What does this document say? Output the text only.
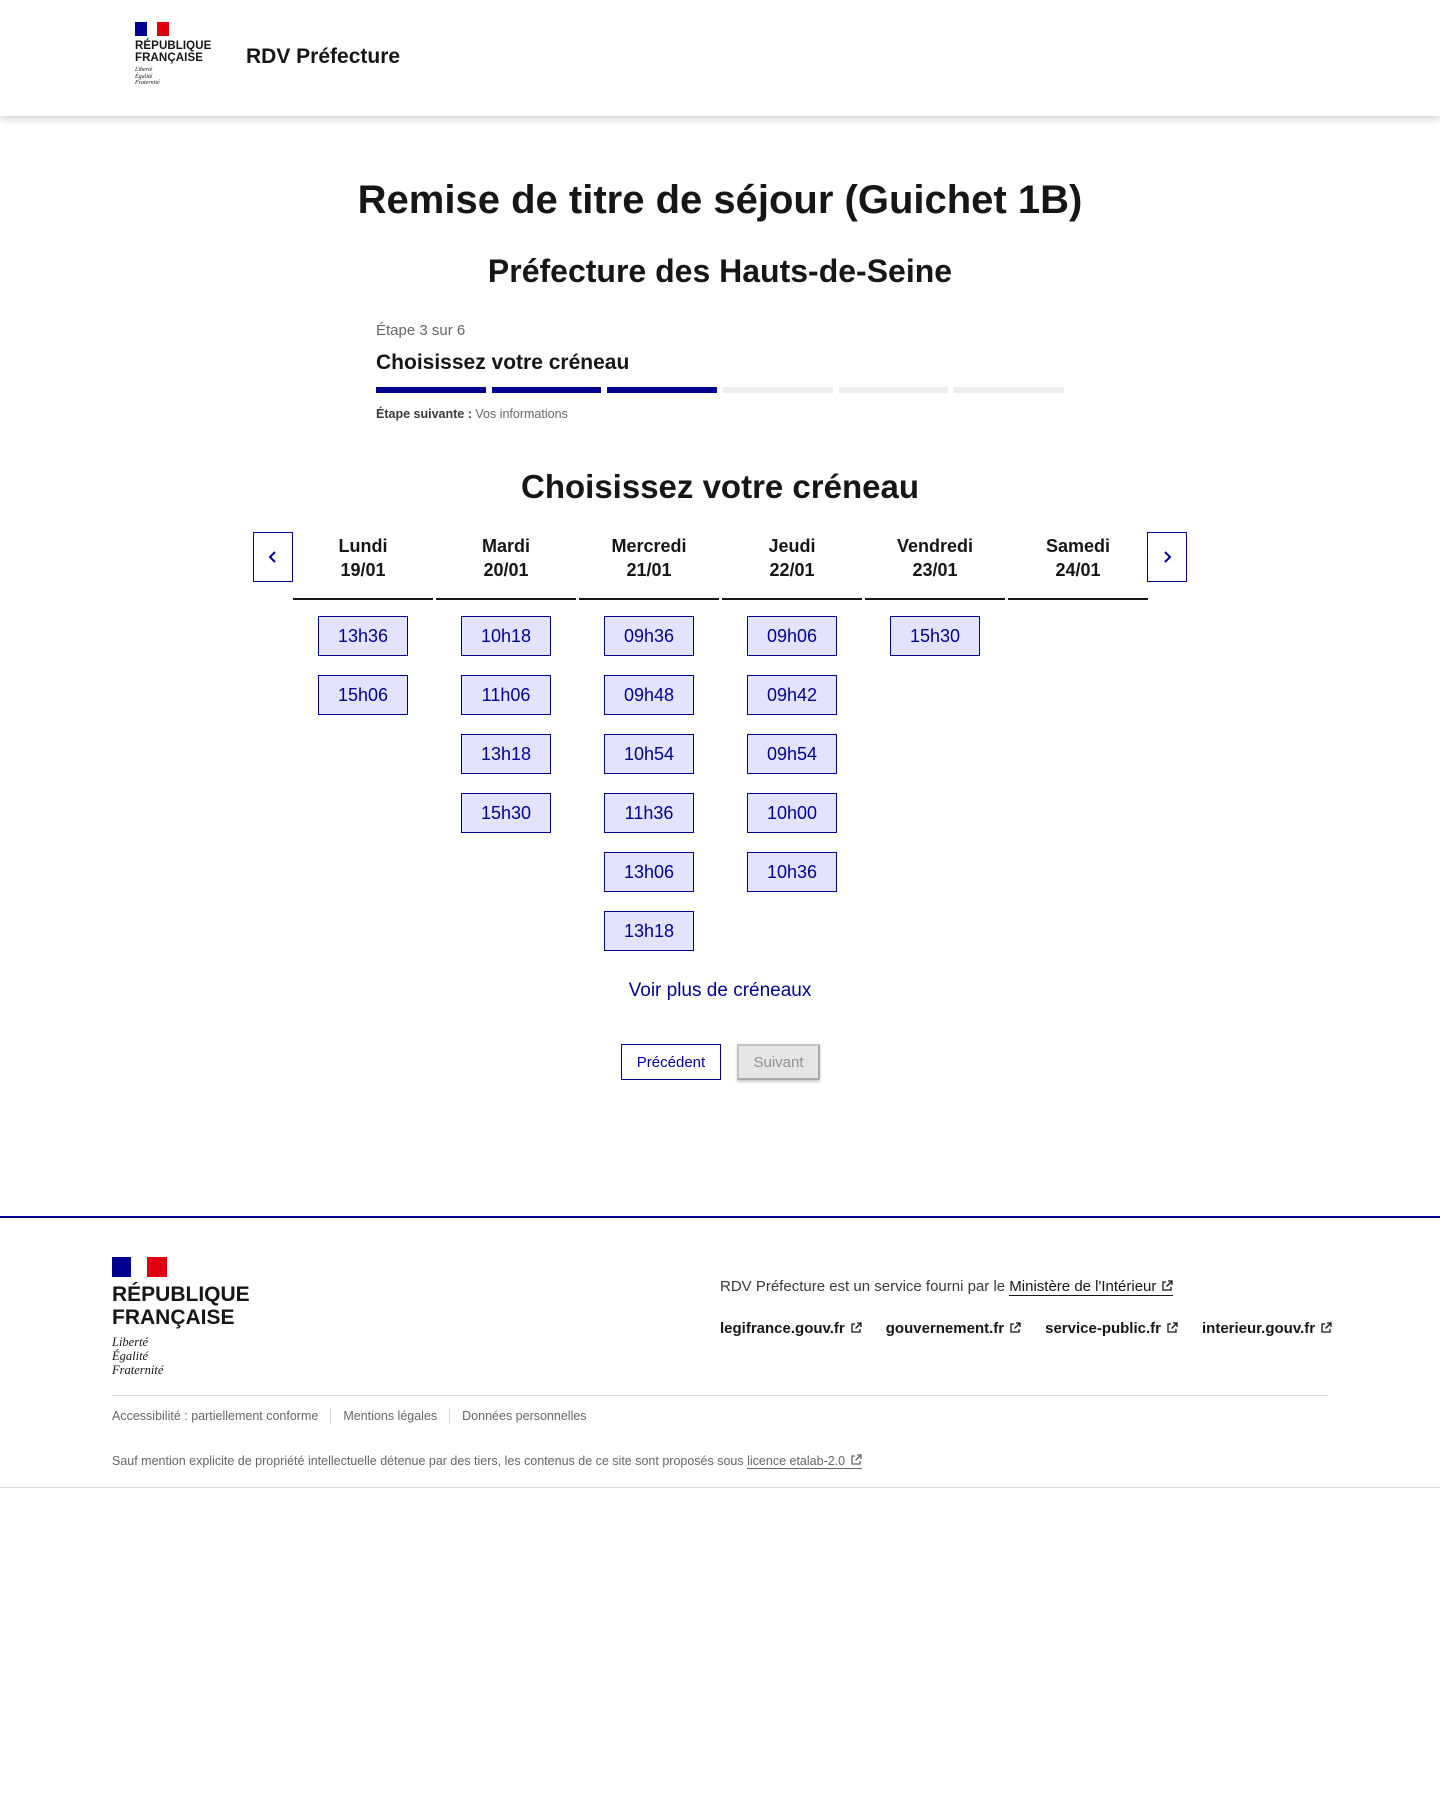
RÉPUBLIQUE
FRANÇAISE
Liberté
Égalité
Fraternité
RDV Préfecture
Remise de titre de séjour (Guichet 1B)
Préfecture des Hauts-de-Seine
Étape 3 sur 6
Choisissez votre créneau
Étape suivante : Vos informations
Choisissez votre créneau
Lundi
19/01
13h36
15h06
Mardi
20/01
10h18
11h06
13h18
15h30
Mercredi
21/01
09h36
09h48
10h54
11h36
13h06
13h18
Jeudi
22/01
09h06
09h42
09h54
10h00
10h36
Vendredi
23/01
15h30
Samedi
24/01
Voir plus de créneaux
Précédent	Suivant
RÉPUBLIQUE
FRANÇAISE
Liberté
Égalité
Fraternité
RDV Préfecture est un service fourni par le Ministère de l'Intérieur
legifrance.gouv.fr	gouvernement.fr	service-public.fr	interieur.gouv.fr
Accessibilité : partiellement conforme Mentions légales Données personnelles
Sauf mention explicite de propriété intellectuelle détenue par des tiers, les contenus de ce site sont proposés sous licence etalab-2.0
